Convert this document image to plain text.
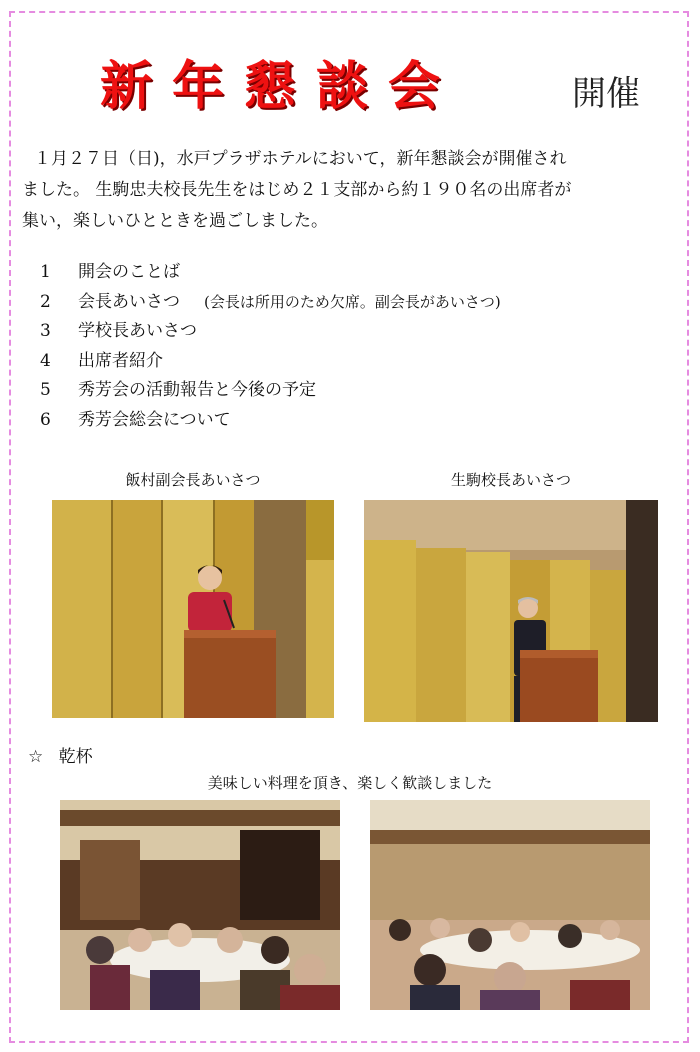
新年懇談会	開催

１月２７日（日)，水戸プラザホテルにおいて，新年懇談会が開催され

ました。 生駒忠夫校長先生をはじめ２１支部から約１９０名の出席者が

集い，楽しいひとときを過ごしました。

1 開会のことば
2 会長あいさつ (会長は所用のため欠席。副会長があいさつ)
3 学校長あいさつ
4 出席者紹介
5 秀芳会の活動報告と今後の予定
6 秀芳会総会について
飯村副会長あいさつ	生駒校長あいさつ
☆ 乾杯
美味しい料理を頂き、楽しく歓談しました
